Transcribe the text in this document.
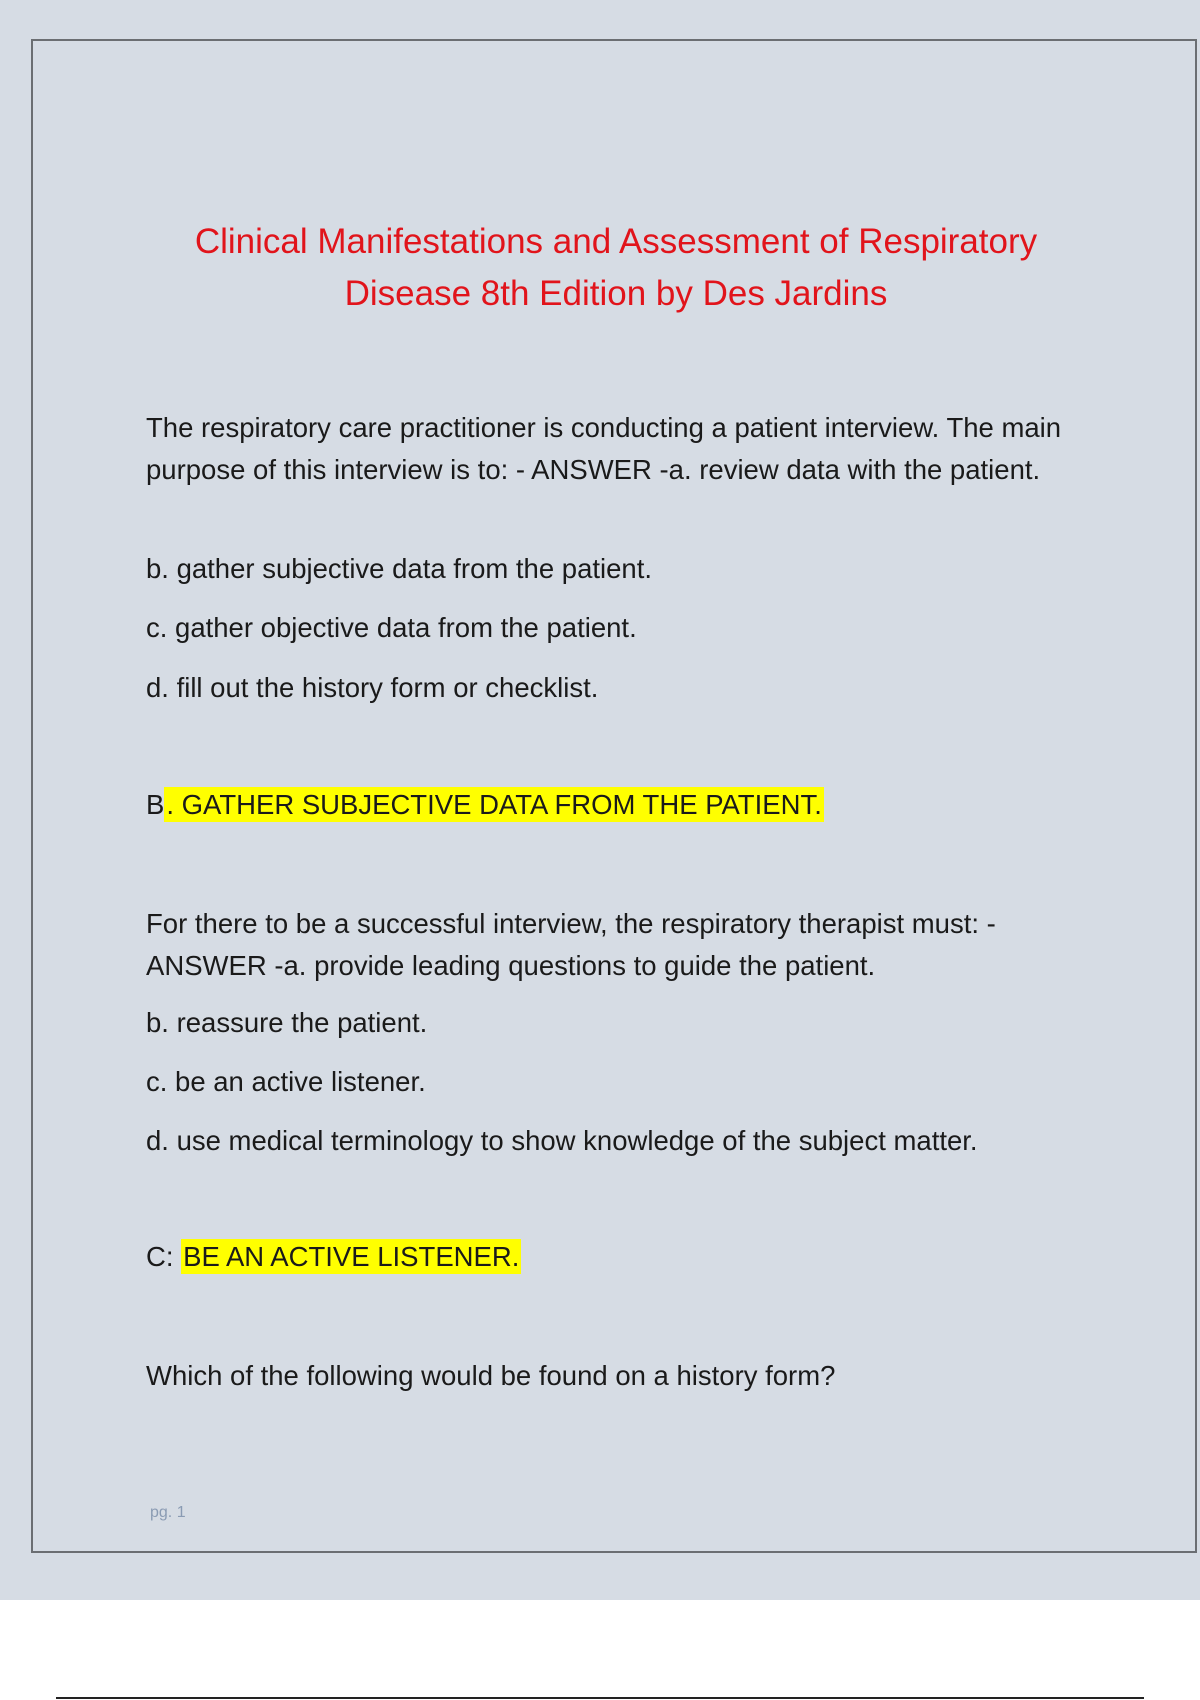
Clinical Manifestations and Assessment of Respiratory
Disease 8th Edition by Des Jardins

The respiratory care practitioner is conducting a patient interview. The main purpose of this interview is to: - ANSWER -a. review data with the patient.

b. gather subjective data from the patient.

c. gather objective data from the patient.

d. fill out the history form or checklist.

B. GATHER SUBJECTIVE DATA FROM THE PATIENT.

For there to be a successful interview, the respiratory therapist must: - ANSWER -a. provide leading questions to guide the patient.

b. reassure the patient.

c. be an active listener.

d. use medical terminology to show knowledge of the subject matter.

C: BE AN ACTIVE LISTENER.

Which of the following would be found on a history form?

pg. 1
